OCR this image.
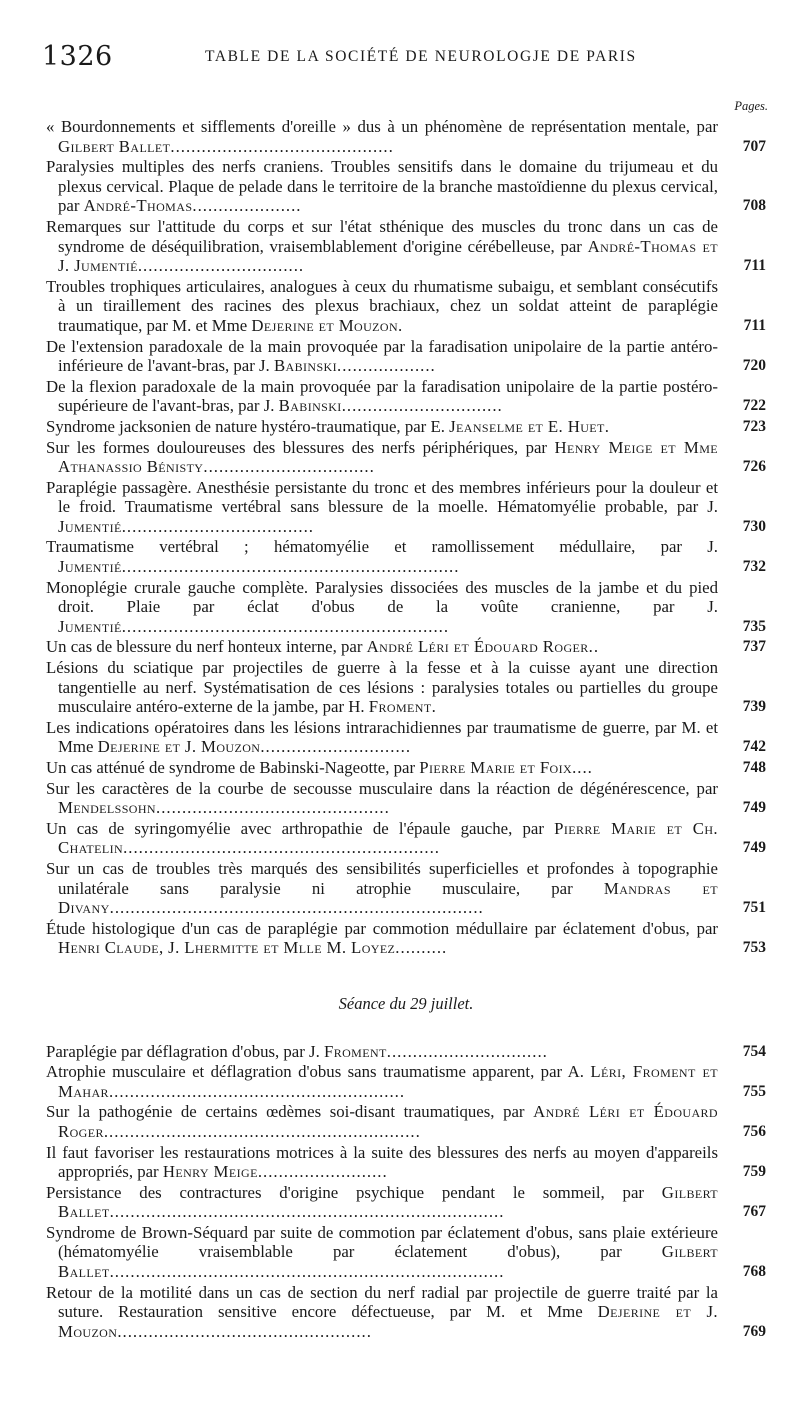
1326	TABLE DE LA SOCIÉTÉ DE NEUROLOGJE DE PARIS
Pages.
« Bourdonnements et sifflements d'oreille » dus à un phénomène de représentation mentale, par Gilbert Ballet...........................................	707
Paralysies multiples des nerfs craniens. Troubles sensitifs dans le domaine du trijumeau et du plexus cervical. Plaque de pelade dans le territoire de la branche mastoïdienne du plexus cervical, par André-Thomas.....................	708
Remarques sur l'attitude du corps et sur l'état sthénique des muscles du tronc dans un cas de syndrome de déséquilibration, vraisemblablement d'origine cérébelleuse, par André-Thomas et J. Jumentié................................	711
Troubles trophiques articulaires, analogues à ceux du rhumatisme subaigu, et semblant consécutifs à un tiraillement des racines des plexus brachiaux, chez un soldat atteint de paraplégie traumatique, par M. et Mme Dejerine et Mouzon.	711
De l'extension paradoxale de la main provoquée par la faradisation unipolaire de la partie antéro-inférieure de l'avant-bras, par J. Babinski...................	720
De la flexion paradoxale de la main provoquée par la faradisation unipolaire de la partie postéro-supérieure de l'avant-bras, par J. Babinski...............................	722
Syndrome jacksonien de nature hystéro-traumatique, par E. Jeanselme et E. Huet.	723
Sur les formes douloureuses des blessures des nerfs périphériques, par Henry Meige et Mme Athanassio Bénisty.................................	726
Paraplégie passagère. Anesthésie persistante du tronc et des membres inférieurs pour la douleur et le froid. Traumatisme vertébral sans blessure de la moelle. Hématomyélie probable, par J. Jumentié.....................................	730
Traumatisme vertébral ; hématomyélie et ramollissement médullaire, par J. Jumentié.................................................................	732
Monoplégie crurale gauche complète. Paralysies dissociées des muscles de la jambe et du pied droit. Plaie par éclat d'obus de la voûte cranienne, par J. Jumentié...............................................................	735
Un cas de blessure du nerf honteux interne, par André Léri et Édouard Roger..	737
Lésions du sciatique par projectiles de guerre à la fesse et à la cuisse ayant une direction tangentielle au nerf. Systématisation de ces lésions : paralysies totales ou partielles du groupe musculaire antéro-externe de la jambe, par H. Froment.	739
Les indications opératoires dans les lésions intrarachidiennes par traumatisme de guerre, par M. et Mme Dejerine et J. Mouzon.............................	742
Un cas atténué de syndrome de Babinski-Nageotte, par Pierre Marie et Foix....	748
Sur les caractères de la courbe de secousse musculaire dans la réaction de dégénérescence, par Mendelssohn.............................................	749
Un cas de syringomyélie avec arthropathie de l'épaule gauche, par Pierre Marie et Ch. Chatelin.............................................................	749
Sur un cas de troubles très marqués des sensibilités superficielles et profondes à topographie unilatérale sans paralysie ni atrophie musculaire, par Mandras et Divany........................................................................	751
Étude histologique d'un cas de paraplégie par commotion médullaire par éclatement d'obus, par Henri Claude, J. Lhermitte et Mlle M. Loyez..........	753
Séance du 29 juillet.
Paraplégie par déflagration d'obus, par J. Froment...............................	754
Atrophie musculaire et déflagration d'obus sans traumatisme apparent, par A. Léri, Froment et Mahar.........................................................	755
Sur la pathogénie de certains œdèmes soi-disant traumatiques, par André Léri et Édouard Roger.............................................................	756
Il faut favoriser les restaurations motrices à la suite des blessures des nerfs au moyen d'appareils appropriés, par Henry Meige.........................	759
Persistance des contractures d'origine psychique pendant le sommeil, par Gilbert Ballet............................................................................	767
Syndrome de Brown-Séquard par suite de commotion par éclatement d'obus, sans plaie extérieure (hématomyélie vraisemblable par éclatement d'obus), par Gilbert Ballet............................................................................	768
Retour de la motilité dans un cas de section du nerf radial par projectile de guerre traité par la suture. Restauration sensitive encore défectueuse, par M. et Mme Dejerine et J. Mouzon.................................................	769
